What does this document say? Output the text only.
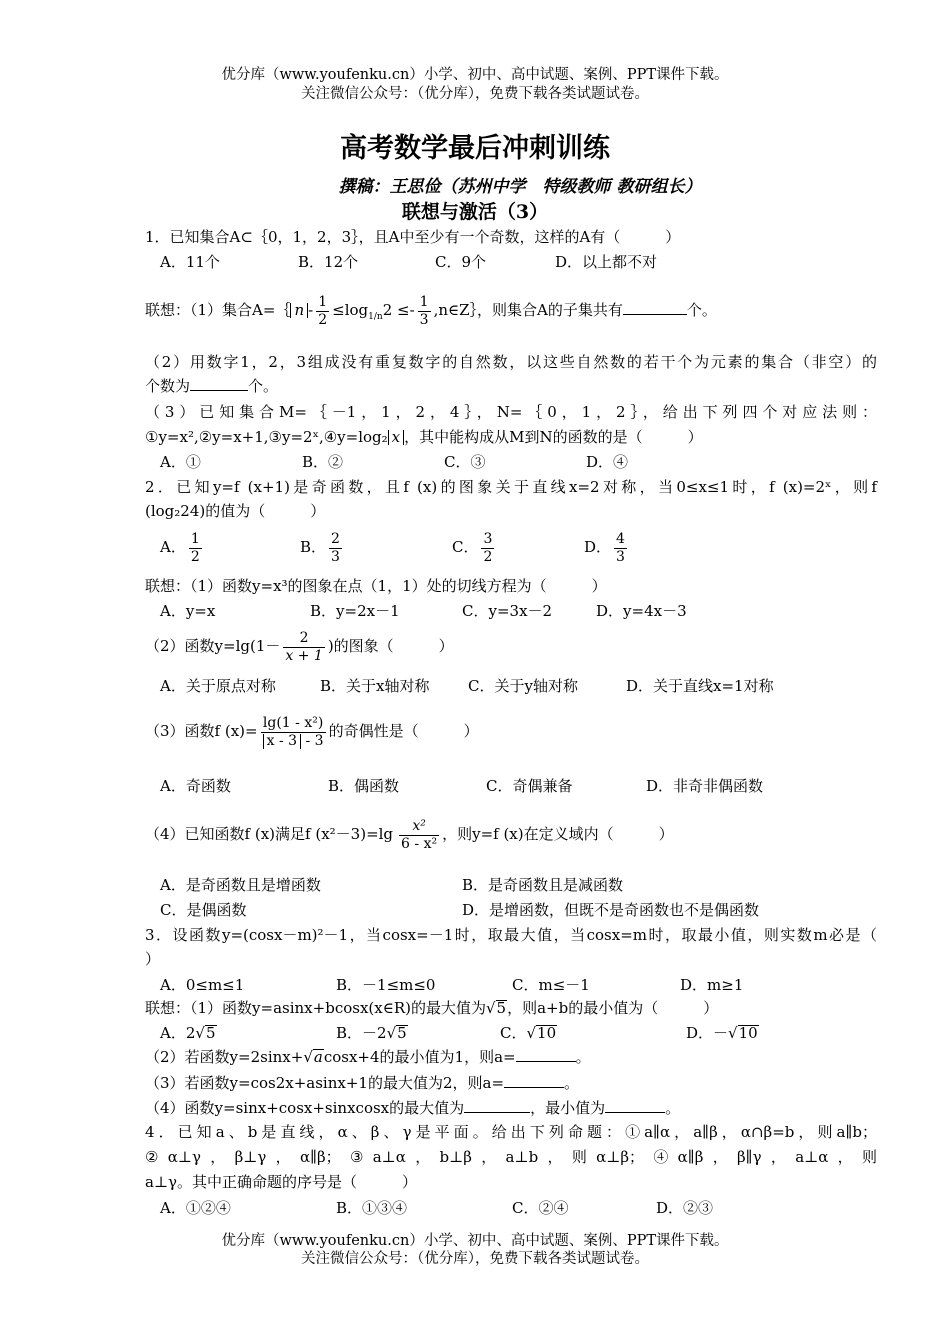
优分库（www.youfenku.cn）小学、初中、高中试题、案例、PPT课件下载。
关注微信公众号：（优分库），免费下载各类试题试卷。
高考数学最后冲刺训练
撰稿：王思俭（苏州中学　特级教师 教研组长）
联想与激活（3）
1．已知集合A⊂｛0，1，2，3｝，且A中至少有一个奇数，这样的A有（　　　）
A．11个	B．12个	C．9个	D．以上都不对
联想：（1）集合A=｛ $n - \frac{1}{2} \le\log_{1/n}2 \le- \frac{1}{3}$ ,n∈Z｝，则集合A的子集共有	个。
（2）用数字1，2，3组成没有重复数字的自然数，以这些自然数的若干个为元素的集合（非空）的
个数为	个。
（3）已知集合M=｛－1，1，2，4｝，N=｛0，1，2｝，给出下列四个对应法则：
①y=x²,②y=x+1,③y=2ˣ,④y=log₂ x ，其中能构成从M到N的函数的是（　　　）
A．①	B．②	C．③	D．④
2．已知y=f (x+1)是奇函数，且f (x)的图象关于直线x=2对称，当0≤x≤1时，f (x)=2ˣ，则f
(log₂24)的值为（　　　）
A． $\frac{1}{2}$	B． $\frac{2}{3}$	C． $\frac{3}{2}$	D． $\frac{4}{3}$
联想：（1）函数y=x³的图象在点（1，1）处的切线方程为（　　　）
A．y=x	B．y=2x－1	C．y=3x－2	D．y=4x－3
（2）函数$y=\lg(1- \frac{2}{x + 1}$ )的图象（　　　）
A．关于原点对称	B．关于x轴对称	C．关于y轴对称	D．关于直线x=1对称
（3）函数f $(x)= \frac{\text{lg(1 - x²)}}{x - 3 - 3}$ 的奇偶性是（　　　）
A．奇函数	B．偶函数	C．奇偶兼备	D．非奇非偶函数
（4）已知函数f (x)满足f $(x^2-3)=\lg \frac{\text{x²}}{\text{6 - x²}}$ ，则y=f (x)在定义域内（　　　）
A．是奇函数且是增函数	B．是奇函数且是减函数
C．是偶函数	D．是增函数，但既不是奇函数也不是偶函数
3．设函数y=(cosx－m)²－1，当cosx=－1时，取最大值，当cosx=m时，取最小值，则实数m必是（
）
A．0≤m≤1	B．－1≤m≤0	C．m≤－1	D．m≥1
联想：（1）函数y=asinx+bcosx(x∈R)的最大值为√5，则a+b的最小值为（　　　）
A．2√5	B．－2√5	C．√10	D．－√10
（2）若函数y=2sinx+√acosx+4的最小值为1，则a=	。
（3）若函数y=cos2x+asinx+1的最大值为2，则a=	。
（4）函数y=sinx+cosx+sinxcosx的最大值为	，最小值为	。
4．已知a、b是直线，α、β、γ是平面。给出下列命题：①a∥α，a∥β，α∩β=b，则a∥b；
②α⊥γ，β⊥γ，α∥β；③a⊥α，b⊥β，a⊥b，则α⊥β；④α∥β，β∥γ，a⊥α，则
a⊥γ。其中正确命题的序号是（　　　）
A．①②④	B．①③④	C．②④	D．②③
优分库（www.youfenku.cn）小学、初中、高中试题、案例、PPT课件下载。
关注微信公众号：（优分库），免费下载各类试题试卷。
